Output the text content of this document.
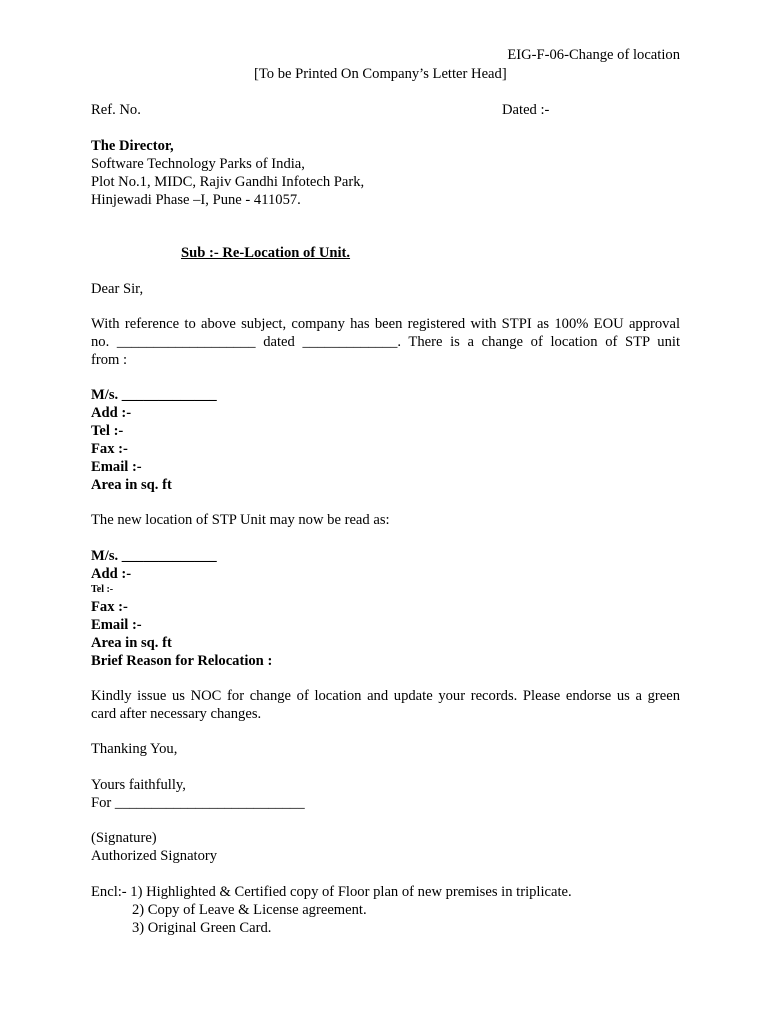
EIG-F-06-Change of location
[To be Printed On Company’s Letter Head]
Ref. No.	Dated :-
The Director,
Software Technology Parks of India,
Plot No.1, MIDC, Rajiv Gandhi Infotech Park,
Hinjewadi Phase –I, Pune - 411057.
Sub :- Re-Location of Unit.
Dear Sir,
With reference to above subject, company has been registered with STPI as 100% EOU approval
no. ___________________ dated _____________. There is a change of location of STP unit
from :
M/s. _____________
Add :-
Tel :-
Fax :-
Email :-
Area in sq. ft
The new location of STP Unit may now be read as:
M/s. _____________
Add :-
Tel :-
Fax :-
Email :-
Area in sq. ft
Brief Reason for Relocation :
Kindly issue us NOC for change of location and update your records. Please endorse us a green
card after necessary changes.
Thanking You,
Yours faithfully,
For __________________________
(Signature)
Authorized Signatory
Encl:- 1) Highlighted & Certified copy of Floor plan of new premises in triplicate.
2) Copy of Leave & License agreement.
3) Original Green Card.
